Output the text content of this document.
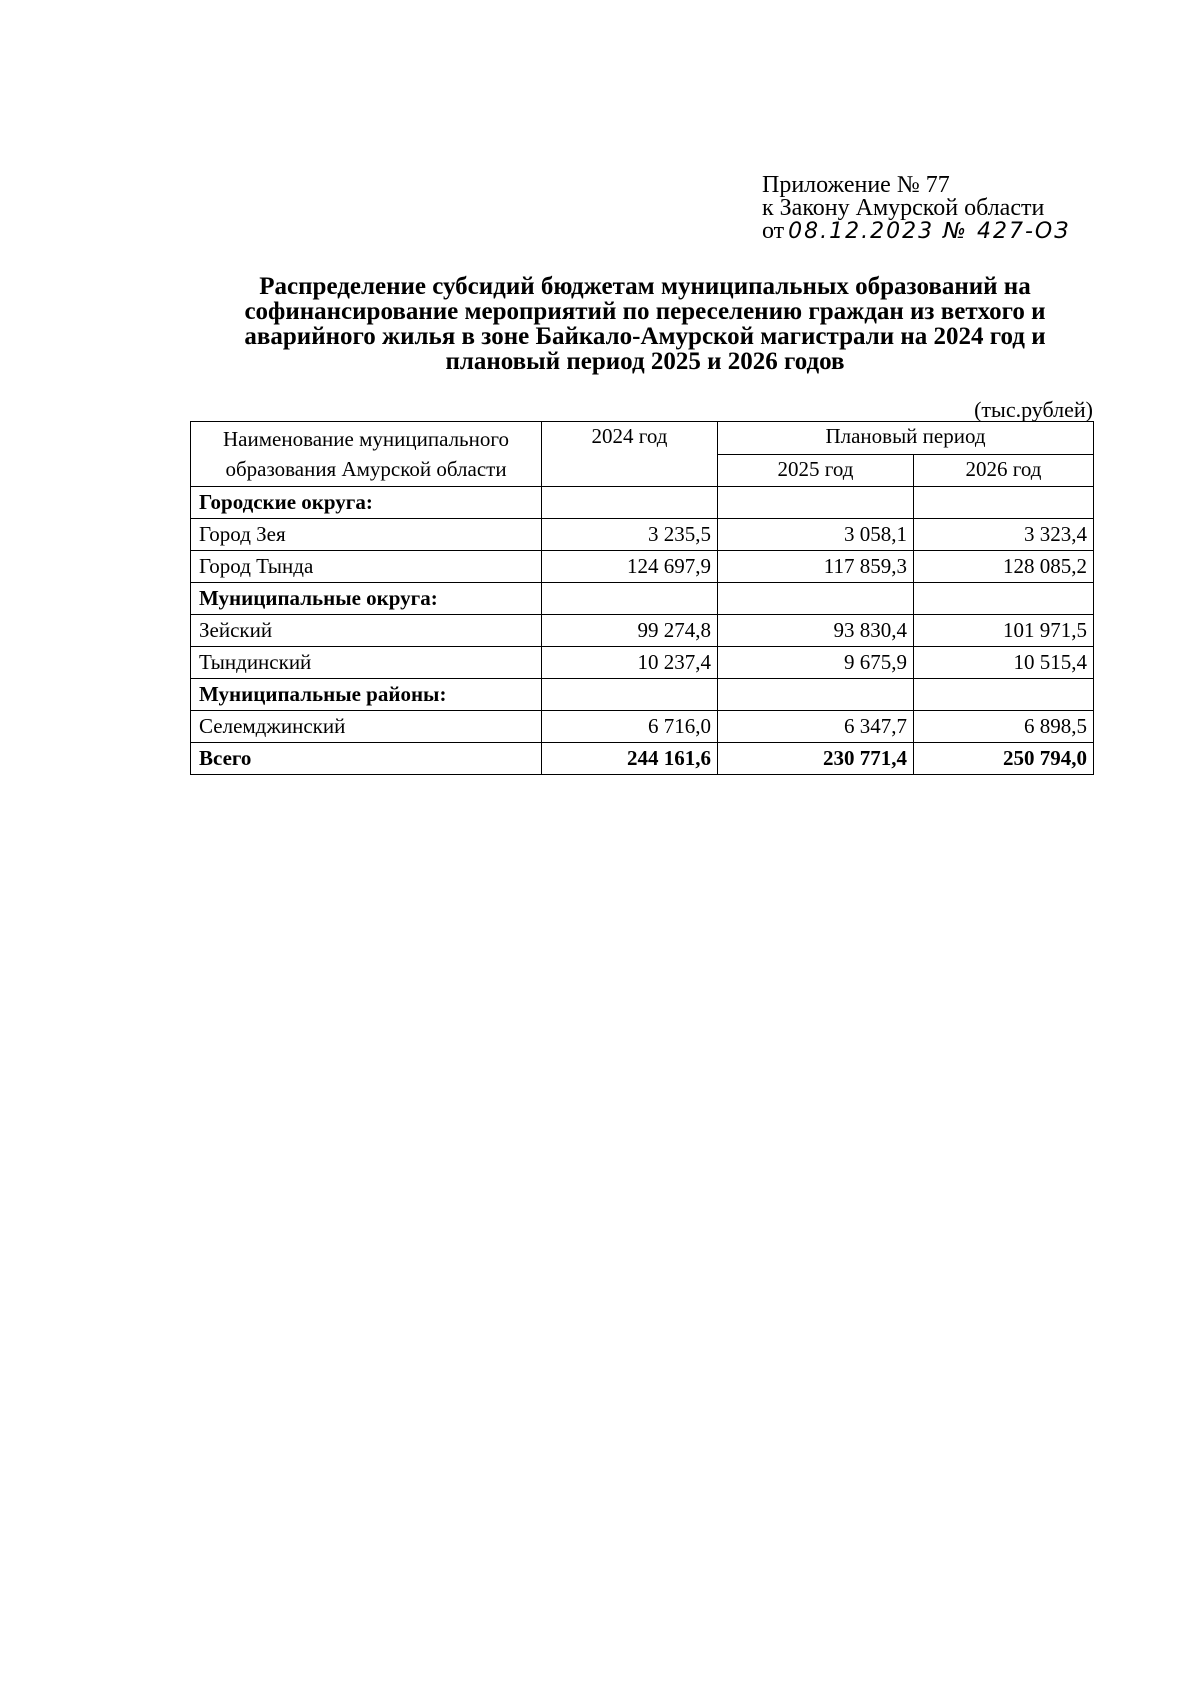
Приложение № 77
к Закону Амурской области
от 08.12.2023 № 427-ОЗ
Распределение субсидий бюджетам муниципальных образований на софинансирование мероприятий по переселению граждан из ветхого и аварийного жилья в зоне Байкало-Амурской магистрали на 2024 год и плановый период 2025 и 2026 годов
(тыс.рублей)
Наименование муниципального образования Амурской области	2024 год	Плановый период	
		2025 год	2026 год
Городские округа:			
Город Зея	3 235,5	3 058,1	3 323,4
Город Тында	124 697,9	117 859,3	128 085,2
Муниципальные округа:			
Зейский	99 274,8	93 830,4	101 971,5
Тындинский	10 237,4	9 675,9	10 515,4
Муниципальные районы:			
Селемджинский	6 716,0	6 347,7	6 898,5
Всего	244 161,6	230 771,4	250 794,0
